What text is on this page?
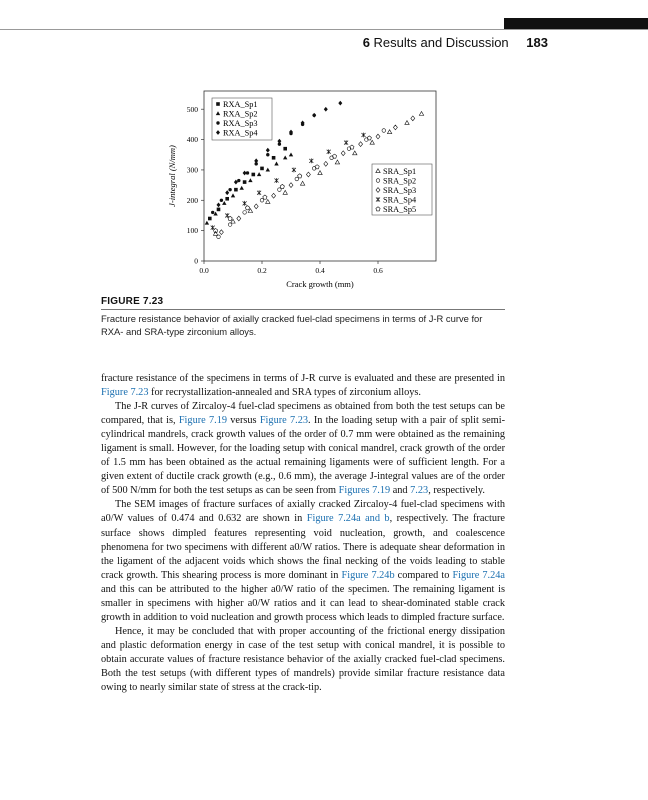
6 Results and Discussion 183
0.0	0.2	0.4	0.6
0
100
200
300
400
500
Crack growth (mm)
J-integral (N/mm)
RXA_Sp1
RXA_Sp2
RXA_Sp3
RXA_Sp4
SRA_Sp1
SRA_Sp2
SRA_Sp3
SRA_Sp4
SRA_Sp5
FIGURE 7.23
Fracture resistance behavior of axially cracked fuel-clad specimens in terms of J-R curve for RXA- and SRA-type zirconium alloys.

fracture resistance of the specimens in terms of J-R curve is evaluated and these are presented in Figure 7.23 for recrystallization-annealed and SRA types of zirconium alloys.

The J-R curves of Zircaloy-4 fuel-clad specimens as obtained from both the test setups can be compared, that is, Figure 7.19 versus Figure 7.23. In the loading setup with a pair of split semi-cylindrical mandrels, crack growth values of the order of 0.7 mm were obtained as the remaining ligament is small. However, for the loading setup with conical mandrel, crack growth of the order of 1.5 mm has been obtained as the actual remaining ligaments were of sufficient length. For a given extent of ductile crack growth (e.g., 0.6 mm), the average J-integral values are of the order of 500 N/mm for both the test setups as can be seen from Figures 7.19 and 7.23, respectively.

The SEM images of fracture surfaces of axially cracked Zircaloy-4 fuel-clad specimens with a0/W values of 0.474 and 0.632 are shown in Figure 7.24a and b, respectively. The fracture surface shows dimpled features representing void nucleation, growth, and coalescence phenomena for two specimens with different a0/W ratios. There is adequate shear deformation in the ligament of the adjacent voids which shows the final necking of the voids leading to stable crack growth. This shearing process is more dominant in Figure 7.24b compared to Figure 7.24a and this can be attributed to the higher a0/W ratio of the specimen. The remaining ligament is smaller in specimens with higher a0/W ratios and it can lead to shear-dominated stable crack growth in addition to void nucleation and growth process which leads to dimpled fracture surface.

Hence, it may be concluded that with proper accounting of the frictional energy dissipation and plastic deformation energy in case of the test setup with conical mandrel, it is possible to obtain accurate values of fracture resistance behavior of the axially cracked fuel-clad specimens. Both the test setups (with different types of mandrels) provide similar fracture resistance data owing to nearly similar state of stress at the crack-tip.
